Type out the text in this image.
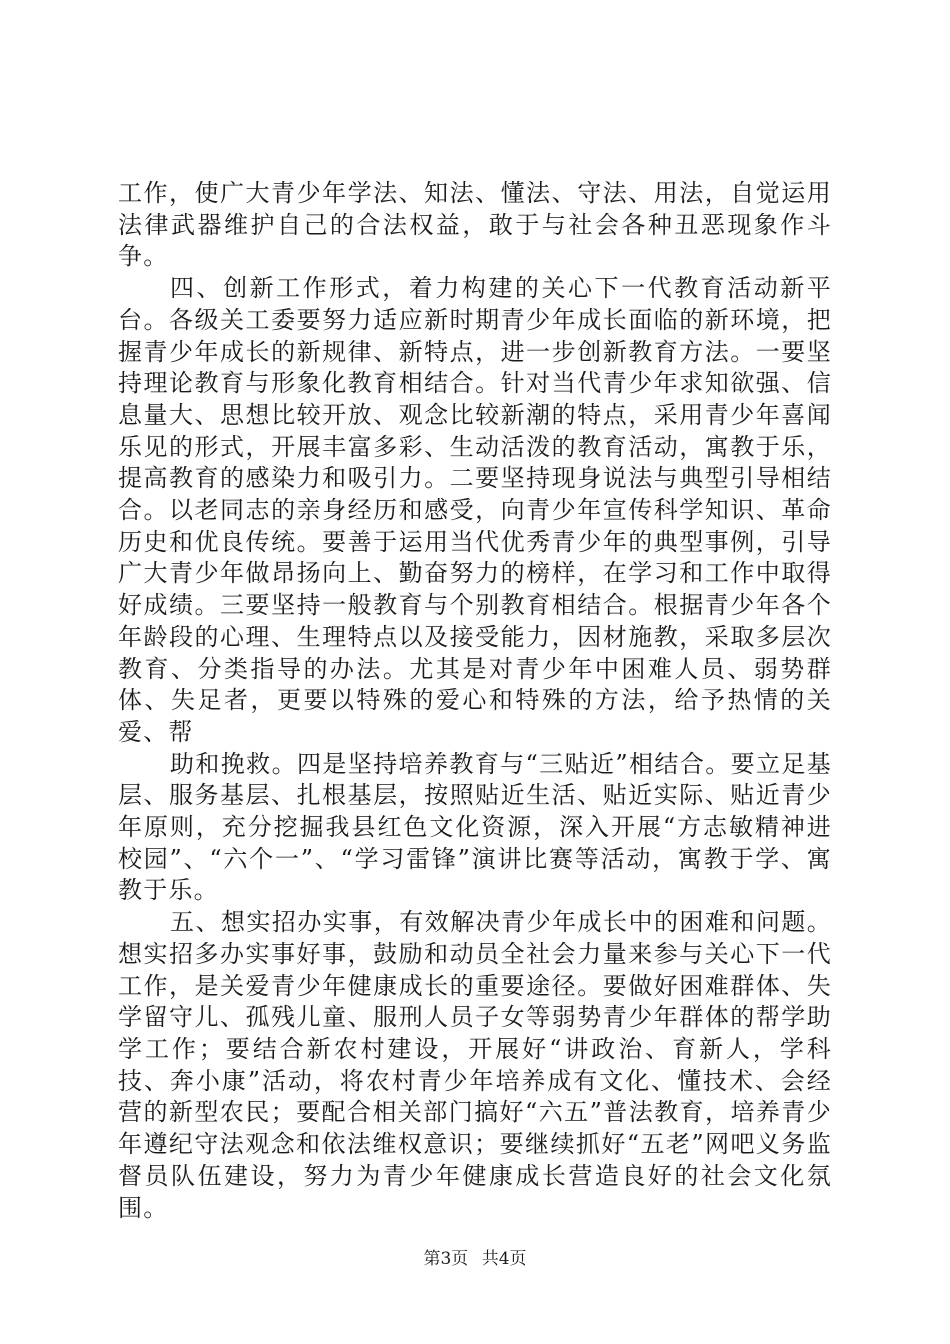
工作，使广大青少年学法、知法、懂法、守法、用法，自觉运用法律武器维护自己的合法权益，敢于与社会各种丑恶现象作斗争。

四、创新工作形式，着力构建的关心下一代教育活动新平台。各级关工委要努力适应新时期青少年成长面临的新环境，把握青少年成长的新规律、新特点，进一步创新教育方法。一要坚持理论教育与形象化教育相结合。针对当代青少年求知欲强、信息量大、思想比较开放、观念比较新潮的特点，采用青少年喜闻乐见的形式，开展丰富多彩、生动活泼的教育活动，寓教于乐，提高教育的感染力和吸引力。二要坚持现身说法与典型引导相结合。以老同志的亲身经历和感受，向青少年宣传科学知识、革命历史和优良传统。要善于运用当代优秀青少年的典型事例，引导广大青少年做昂扬向上、勤奋努力的榜样，在学习和工作中取得好成绩。三要坚持一般教育与个别教育相结合。根据青少年各个年龄段的心理、生理特点以及接受能力，因材施教，采取多层次教育、分类指导的办法。尤其是对青少年中困难人员、弱势群体、失足者，更要以特殊的爱心和特殊的方法，给予热情的关爱、帮

助和挽救。四是坚持培养教育与“三贴近”相结合。要立足基层、服务基层、扎根基层，按照贴近生活、贴近实际、贴近青少年原则，充分挖掘我县红色文化资源，深入开展“方志敏精神进校园”、“六个一”、“学习雷锋”演讲比赛等活动，寓教于学、寓教于乐。

五、想实招办实事，有效解决青少年成长中的困难和问题。想实招多办实事好事，鼓励和动员全社会力量来参与关心下一代工作，是关爱青少年健康成长的重要途径。要做好困难群体、失学留守儿、孤残儿童、服刑人员子女等弱势青少年群体的帮学助学工作；要结合新农村建设，开展好“讲政治、育新人，学科技、奔小康”活动，将农村青少年培养成有文化、懂技术、会经营的新型农民；要配合相关部门搞好“六五”普法教育，培养青少年遵纪守法观念和依法维权意识；要继续抓好“五老”网吧义务监督员队伍建设，努力为青少年健康成长营造良好的社会文化氛围。

第3页 共4页
